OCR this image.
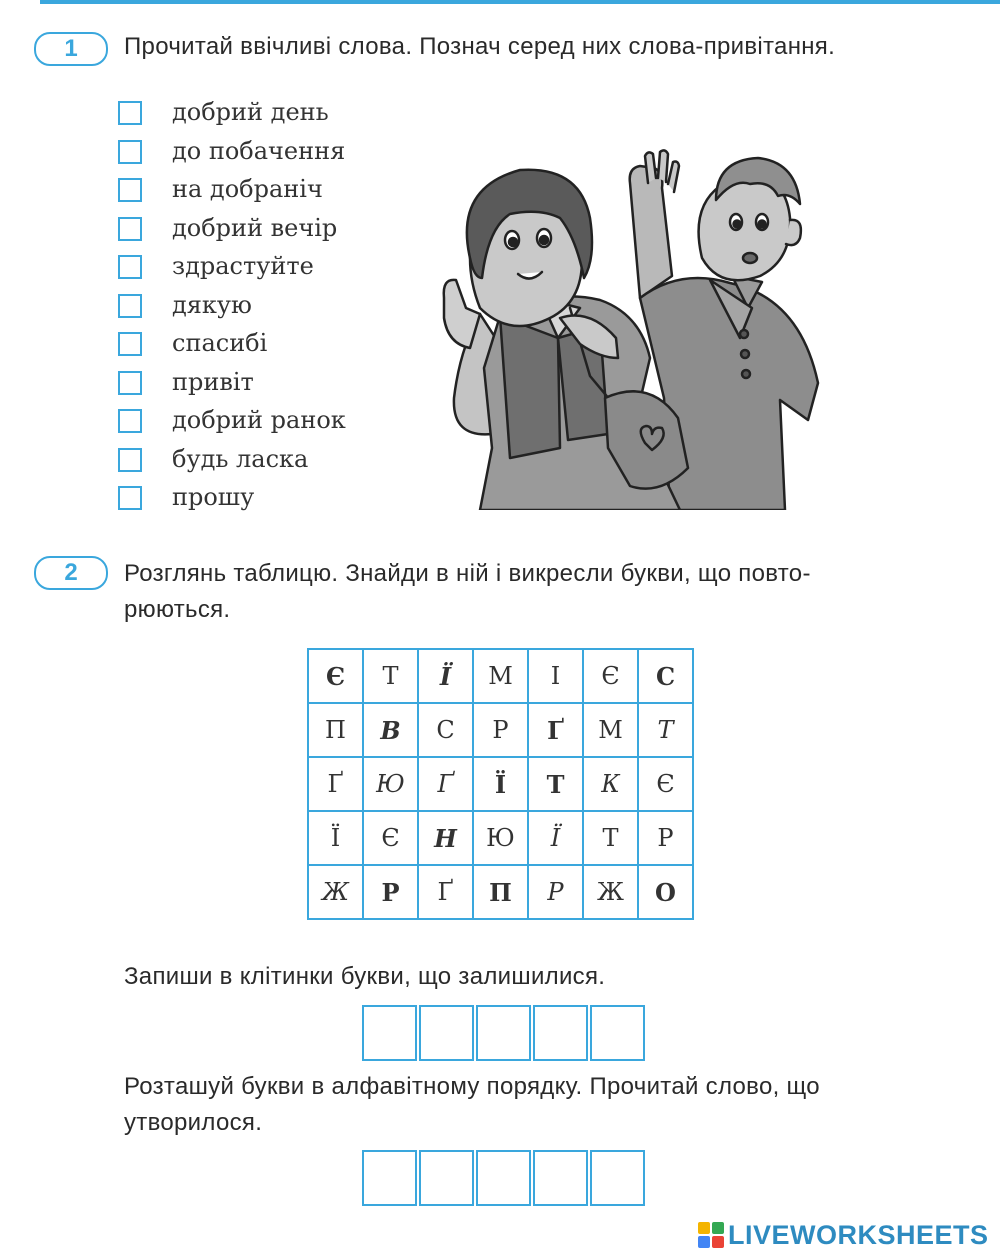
1	Прочитай ввічливі слова. Познач серед них слова-привітання.
добрий день
до побачення
на добраніч
добрий вечір
здрастуйте
дякую
спасибі
привіт
добрий ранок
будь ласка
прошу
2	Розглянь таблицю. Знайди в ній і викресли букви, що повто-
рюються.
Є	Т	Ї	М	І	Є	С
П	В	С	Р	Ґ	М	Т
Ґ	Ю	Ґ	Ї	Т	К	Є
Ї	Є	Н	Ю	Ї	Т	Р
Ж	Р	Ґ	П	Р	Ж	О
Запиши в клітинки букви, що залишилися.
Розташуй букви в алфавітному порядку. Прочитай слово, що
утворилося.
LIVEWORKSHEETS
